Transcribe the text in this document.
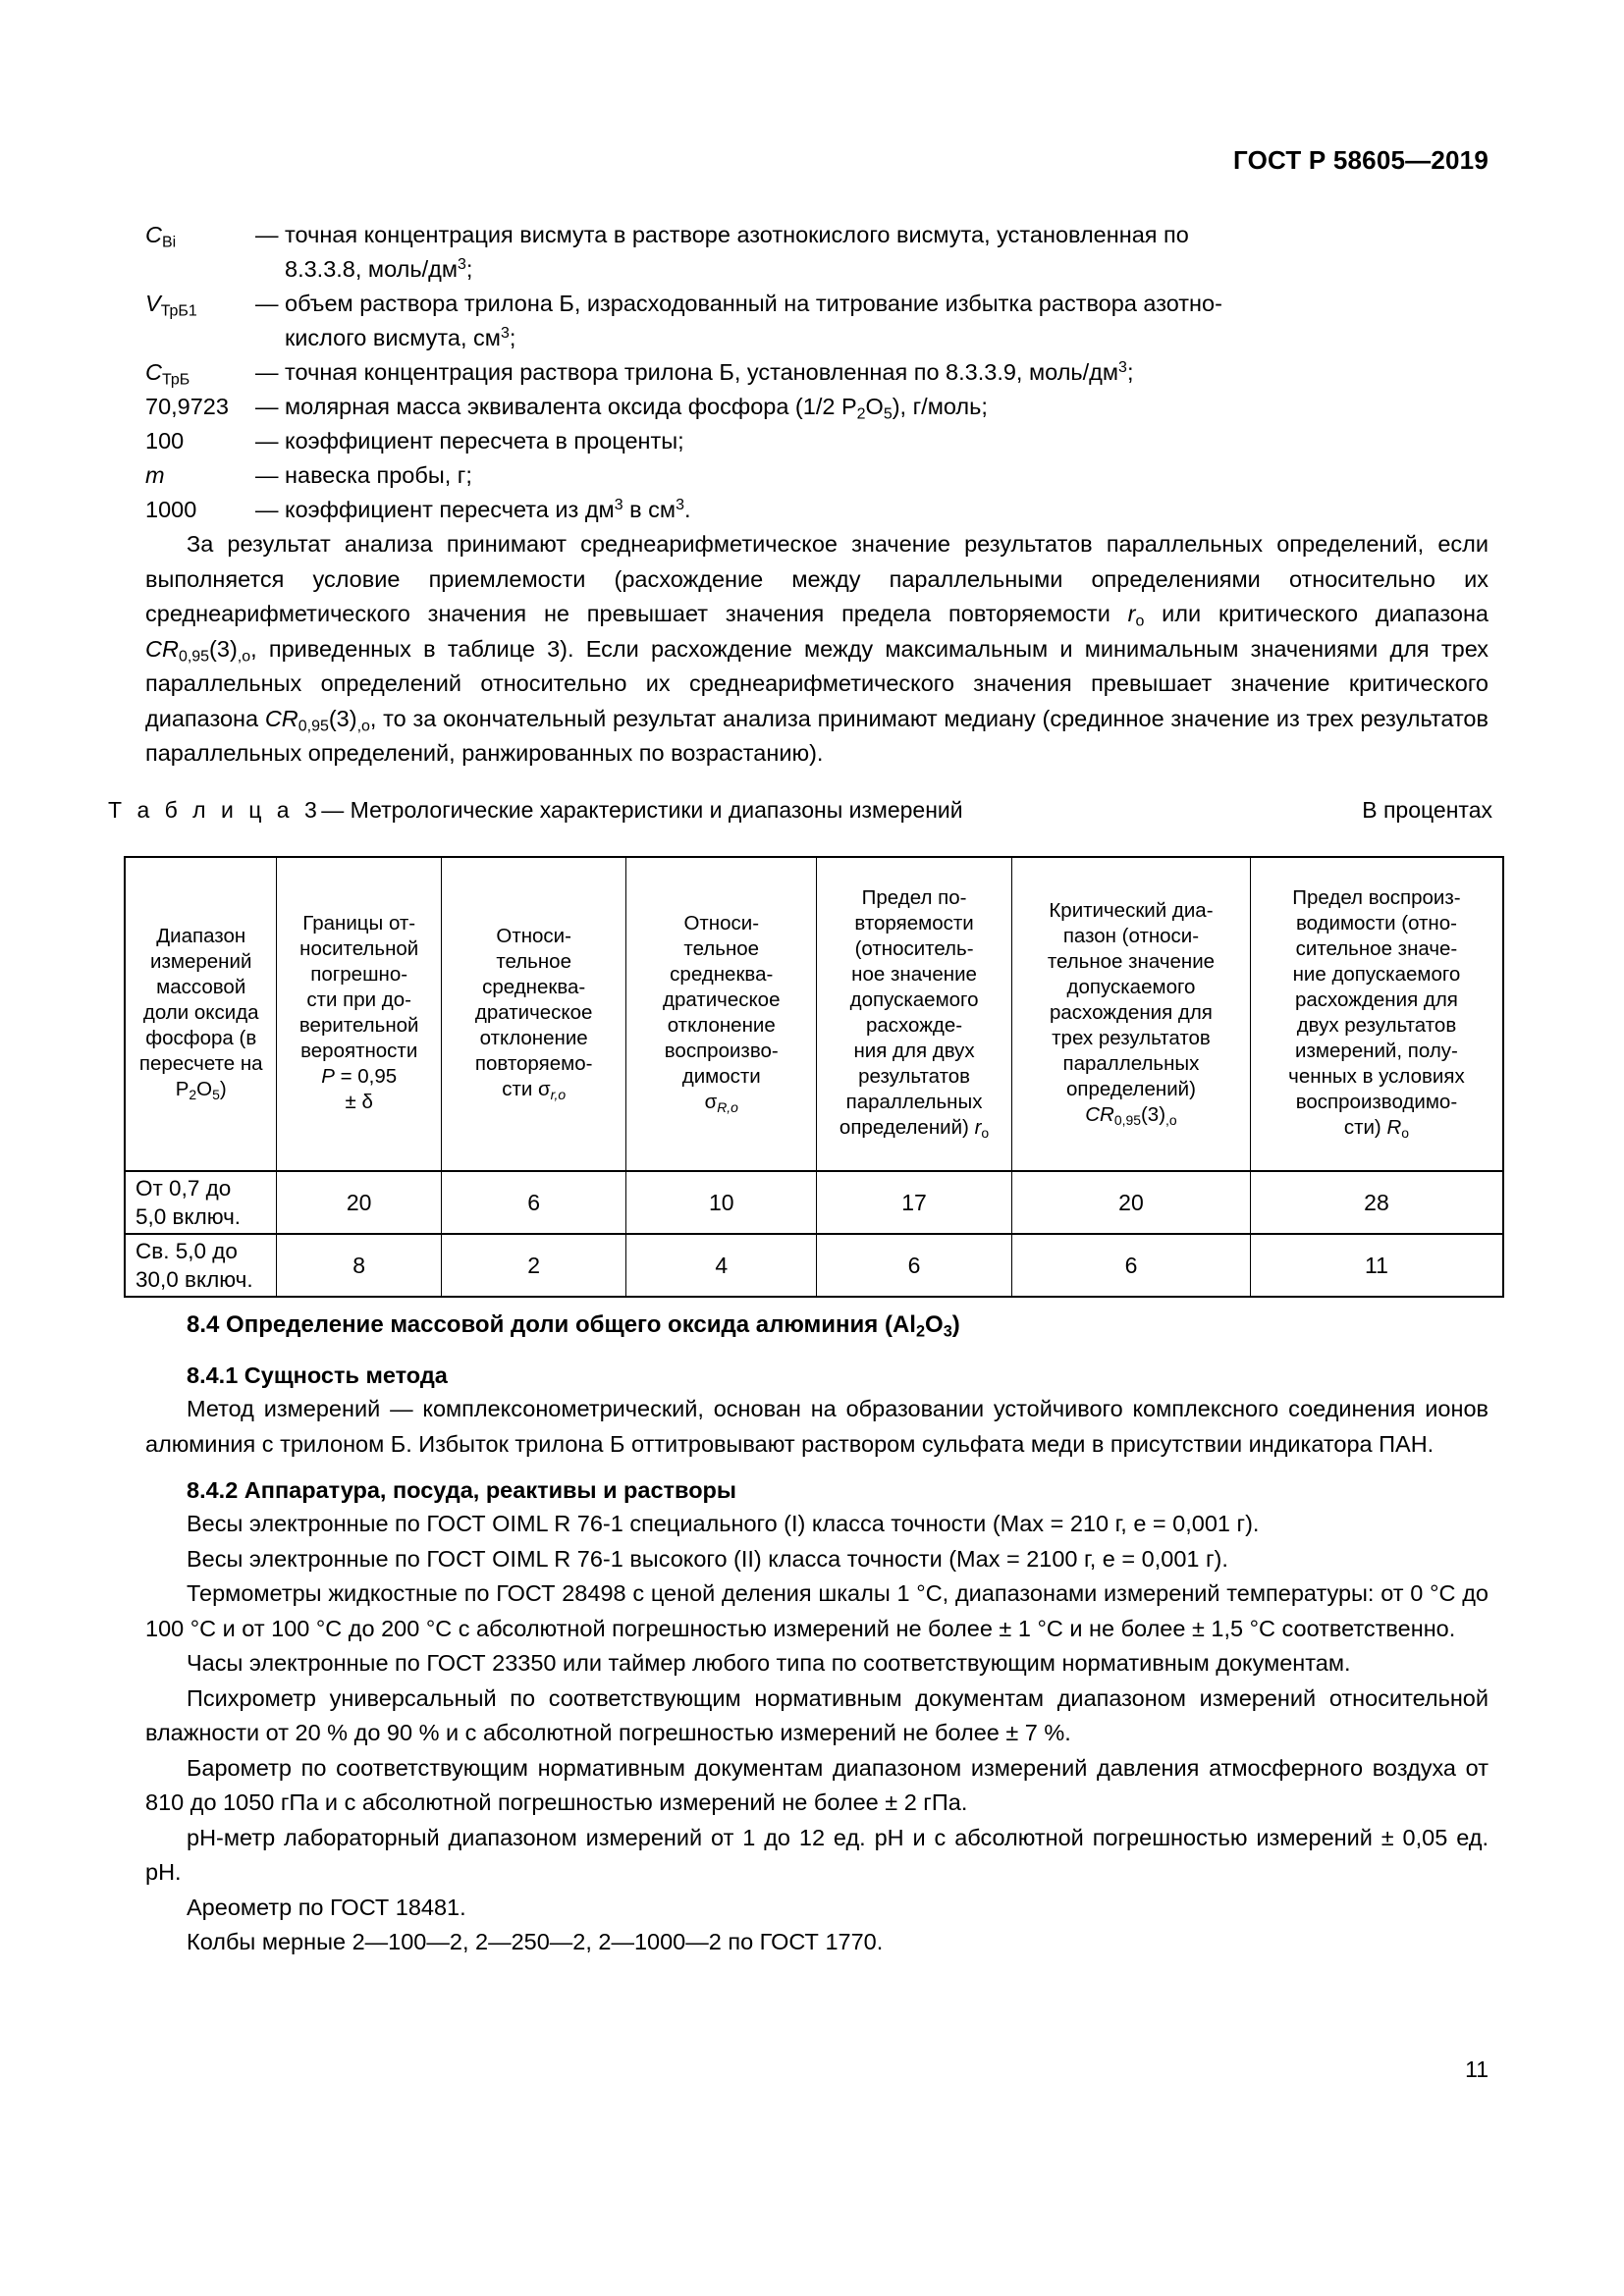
ГОСТ Р 58605—2019
$C_{Bi}$	— точная концентрация висмута в растворе азотнокислого висмута, установленная по
8.3.3.8, моль/$дм^3$;
$V_{ТрБ1}$	— объем раствора трилона Б, израсходованный на титрование избытка раствора азотно-
кислого висмута, $см^3$;
$C_{ТрБ}$	— точная концентрация раствора трилона Б, установленная по 8.3.3.9, моль/$дм^3$;
70,9723	— молярная масса эквивалента оксида фосфора (1/2 $P_2O_5$), г/моль;
100	— коэффициент пересчета в проценты;
m	— навеска пробы, г;
1000	— коэффициент пересчета из $дм^3$ в $см^3$.

За результат анализа принимают среднеарифметическое значение результатов параллельных определений, если выполняется условие приемлемости (расхождение между параллельными определениями относительно их среднеарифметического значения не превышает значения предела повторяемости $r_o$ или критического диапазона $CR_{0,95}(3)_{,o}$, приведенных в таблице 3). Если расхождение между максимальным и минимальным значениями для трех параллельных определений относительно их среднеарифметического значения превышает значение критического диапазона $CR_{0,95}(3)_{,o}$, то за окончательный результат анализа принимают медиану (срединное значение из трех результатов параллельных определений, ранжированных по возрастанию).

Т а б л и ц а 3— Метрологические характеристики и диапазоны измерений	В процентах
Диапазон
измерений
массовой
доли оксида
фосфора (в
пересчете на
$P_2O_5$)

Границы от-
носительной
погрешно-
сти при до-
верительной
вероятности
P = 0,95
± δ

Относи-
тельное
среднеква-
дратическое
отклонение
повторяемо-
сти $\sigma_{r,o}$

Относи-
тельное
среднеква-
дратическое
отклонение
воспроизво-
димости
$\sigma_{R,o}$

Предел по-
вторяемости
(относитель-
ное значение
допускаемого
расхожде-
ния для двух
результатов
параллельных
определений) $r_o$

Критический диа-
пазон (относи-
тельное значение
допускаемого
расхождения для
трех результатов
параллельных
определений)
$CR_{0,95}(3)_{,o}$

Предел воспроиз-
водимости (отно-
сительное значе-
ние допускаемого
расхождения для
двух результатов
измерений, полу-
ченных в условиях
воспроизводимо-
сти) $R_o$

От 0,7 до
5,0 включ.	20	6	10	17	20	28

Св. 5,0 до
30,0 включ.	8	2	4	6	6	11
8.4 Определение массовой доли общего оксида алюминия $(Al_2O_3)$
8.4.1 Сущность метода

Метод измерений — комплексонометрический, основан на образовании устойчивого комплексного соединения ионов алюминия с трилоном Б. Избыток трилона Б оттитровывают раствором сульфата меди в присутствии индикатора ПАН.

8.4.2 Аппаратура, посуда, реактивы и растворы

Весы электронные по ГОСТ OIML R 76-1 специального (I) класса точности (Max = 210 г, e = 0,001 г).

Весы электронные по ГОСТ OIML R 76-1 высокого (II) класса точности (Max = 2100 г, e = 0,001 г).

Термометры жидкостные по ГОСТ 28498 с ценой деления шкалы 1 °С, диапазонами измерений температуры: от 0 °С до 100 °С и от 100 °С до 200 °С с абсолютной погрешностью измерений не более ± 1 °С и не более ± 1,5 °С соответственно.

Часы электронные по ГОСТ 23350 или таймер любого типа по соответствующим нормативным документам.

Психрометр универсальный по соответствующим нормативным документам диапазоном измерений относительной влажности от 20 % до 90 % и с абсолютной погрешностью измерений не более ± 7 %.

Барометр по соответствующим нормативным документам диапазоном измерений давления атмосферного воздуха от 810 до 1050 гПа и с абсолютной погрешностью измерений не более ± 2 гПа.

рН-метр лабораторный диапазоном измерений от 1 до 12 ед. рН и с абсолютной погрешностью измерений ± 0,05 ед. рН.

Ареометр по ГОСТ 18481.

Колбы мерные 2—100—2, 2—250—2, 2—1000—2 по ГОСТ 1770.

11
